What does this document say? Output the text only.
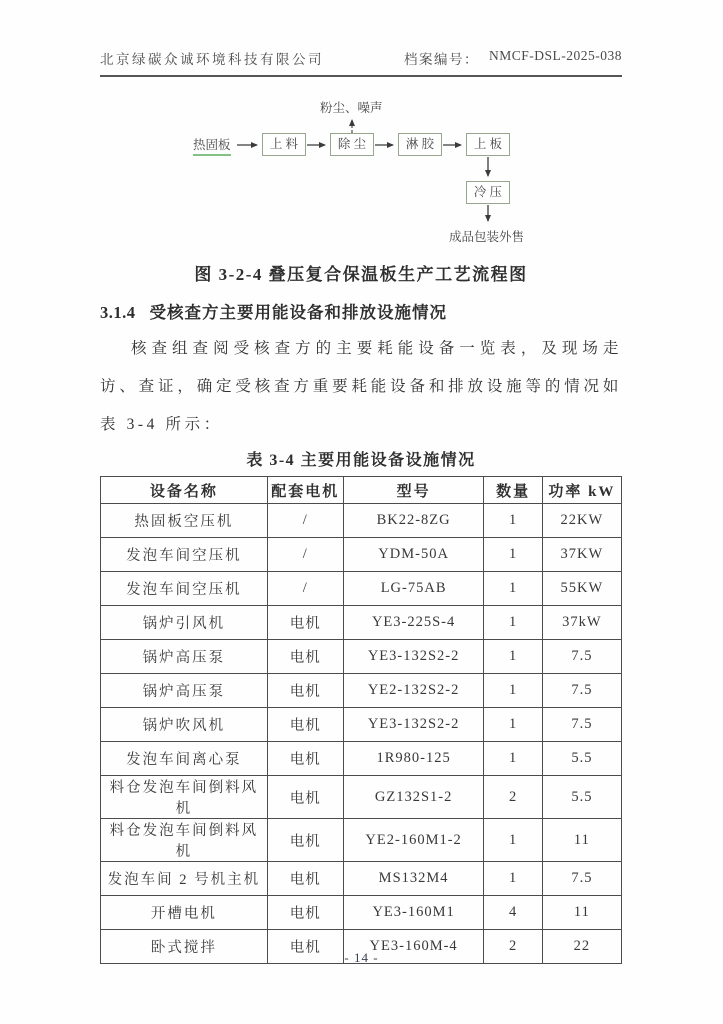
北京绿碳众诚环境科技有限公司	档案编号： NMCF-DSL-2025-038
粉尘、噪声
热固板	上 料	除 尘	淋 胶	上 板
冷 压
成品包装外售
图 3-2-4 叠压复合保温板生产工艺流程图
3.1.4 受核查方主要用能设备和排放设施情况

核查组查阅受核查方的主要耗能设备一览表，及现场走访、查证，确定受核查方重要耗能设备和排放设施等的情况如表 3-4 所示：

表 3-4 主要用能设备设施情况
设备名称	配套电机	型号	数量	功率 kW
热固板空压机	/	BK22-8ZG	1	22KW
发泡车间空压机	/	YDM-50A	1	37KW
发泡车间空压机	/	LG-75AB	1	55KW
锅炉引风机	电机	YE3-225S-4	1	37kW
锅炉高压泵	电机	YE3-132S2-2	1	7.5
锅炉高压泵	电机	YE2-132S2-2	1	7.5
锅炉吹风机	电机	YE3-132S2-2	1	7.5
发泡车间离心泵	电机	1R980-125	1	5.5
料仓发泡车间倒料风机	电机	GZ132S1-2	2	5.5
料仓发泡车间倒料风机	电机	YE2-160M1-2	1	11
发泡车间 2 号机主机	电机	MS132M4	1	7.5
开槽电机	电机	YE3-160M1	4	11
卧式搅拌	电机	YE3-160M-4	2	22
- 14 -
